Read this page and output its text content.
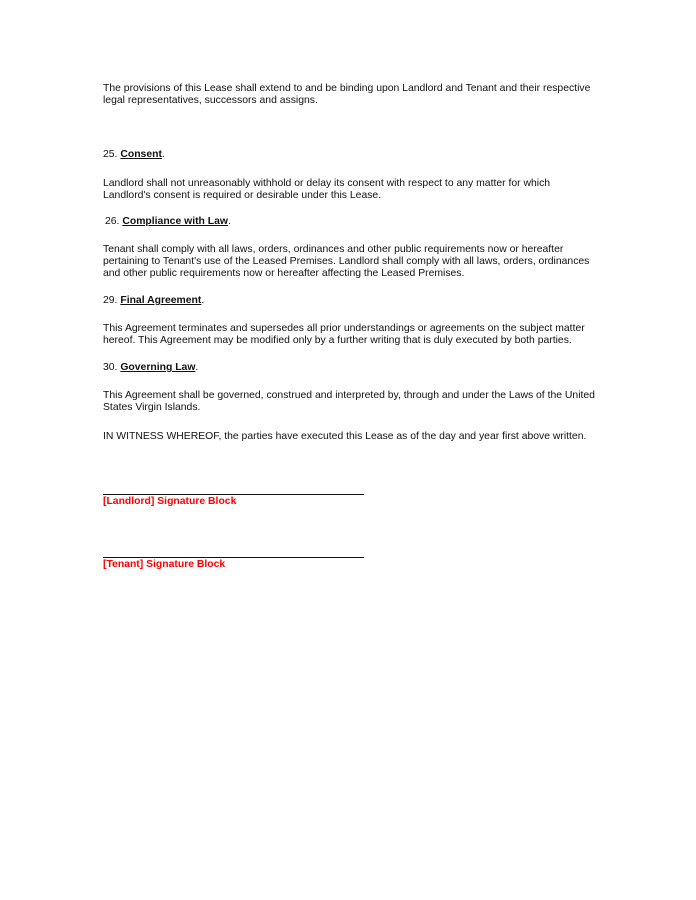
The provisions of this Lease shall extend to and be binding upon Landlord and Tenant and their respective legal representatives, successors and assigns.

25. Consent.

Landlord shall not unreasonably withhold or delay its consent with respect to any matter for which Landlord's consent is required or desirable under this Lease.

26. Compliance with Law.

Tenant shall comply with all laws, orders, ordinances and other public requirements now or hereafter pertaining to Tenant's use of the Leased Premises. Landlord shall comply with all laws, orders, ordinances and other public requirements now or hereafter affecting the Leased Premises.

29. Final Agreement.

This Agreement terminates and supersedes all prior understandings or agreements on the subject matter hereof. This Agreement may be modified only by a further writing that is duly executed by both parties.

30. Governing Law.

This Agreement shall be governed, construed and interpreted by, through and under the Laws of the United States Virgin Islands.

IN WITNESS WHEREOF, the parties have executed this Lease as of the day and year first above written.

[Landlord] Signature Block
[Tenant] Signature Block
